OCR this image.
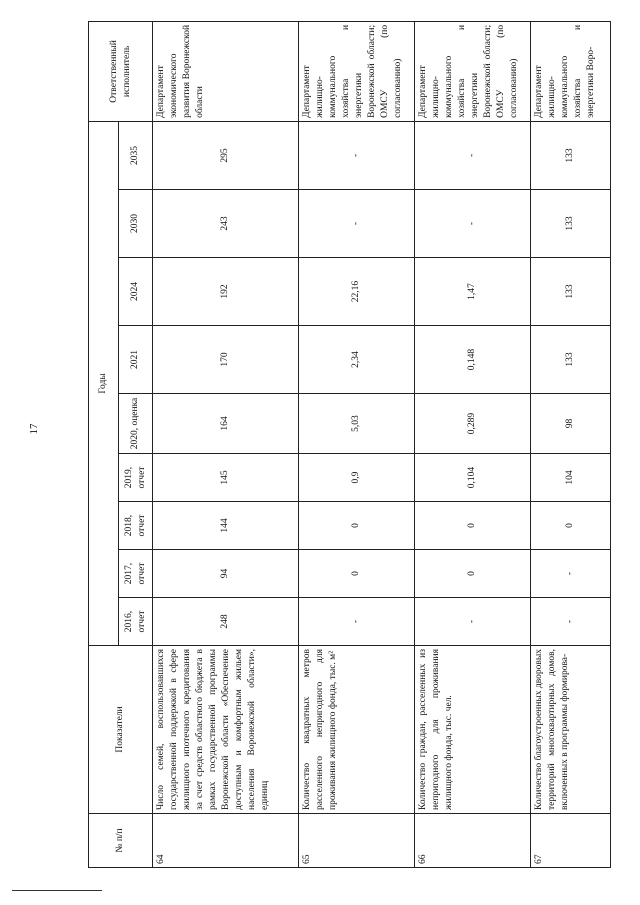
17
№ п/п	Показатели	Годы									Ответственный исполнитель
		2016, отчет	2017, отчет	2018, отчет	2019, отчет	2020, оценка	2021	2024	2030	2035	
64	Число семей, воспользовавшихся государственной поддержкой в сфере жилищного ипотечного кредитования за счет средств областного бюджета в рамках государственной программы Воронежской области «Обеспечение доступным и комфортным жильем населения Воронежской области», единиц	248	94	144	145	164	170	192	243	295	Департамент экономического развития Воронежской области
65	Количество квадратных метров расселенного непригодного для проживания жилищного фонда, тыс. м²	-	0	0	0,9	5,03	2,34	22,16	-	-	Департамент жилищно-коммунального хозяйства и энергетики Воронежской области; ОМСУ (по согласованию)
66	Количество граждан, расселенных из непригодного для проживания жилищного фонда, тыс. чел.	-	0	0	0,104	0,289	0,148	1,47	-	-	Департамент жилищно-коммунального хозяйства и энергетики Воронежской области; ОМСУ (по согласованию)
67	Количество благоустроенных дворовых территорий многоквартирных домов, включенных в программы формирова-	-	-	0	104	98	133	133	133	133	Департамент жилищно-коммунального хозяйства и энергетики Воро-
